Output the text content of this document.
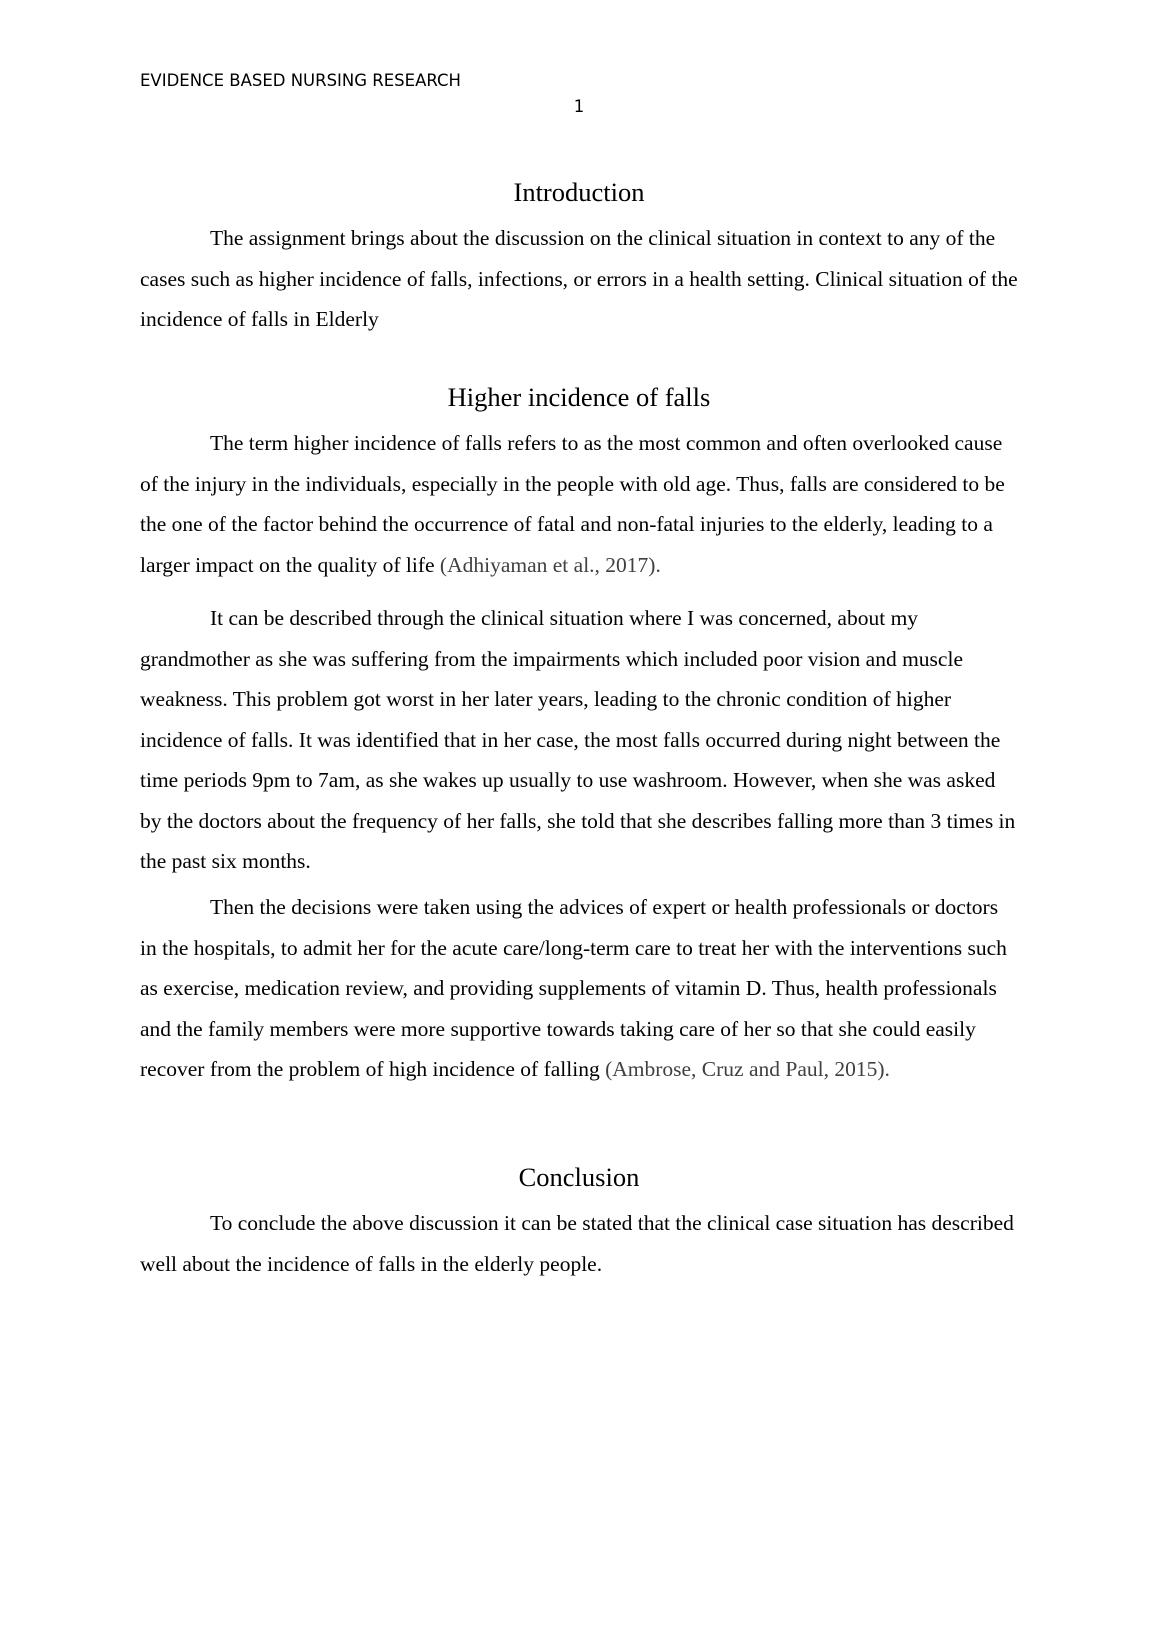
EVIDENCE BASED NURSING RESEARCH
1
Introduction

The assignment brings about the discussion on the clinical situation in context to any of the cases such as higher incidence of falls, infections, or errors in a health setting. Clinical situation of the incidence of falls in Elderly

Higher incidence of falls

The term higher incidence of falls refers to as the most common and often overlooked cause of the injury in the individuals, especially in the people with old age. Thus, falls are considered to be the one of the factor behind the occurrence of fatal and non-fatal injuries to the elderly, leading to a larger impact on the quality of life (Adhiyaman et al., 2017).

It can be described through the clinical situation where I was concerned, about my grandmother as she was suffering from the impairments which included poor vision and muscle weakness. This problem got worst in her later years, leading to the chronic condition of higher incidence of falls. It was identified that in her case, the most falls occurred during night between the time periods 9pm to 7am, as she wakes up usually to use washroom. However, when she was asked by the doctors about the frequency of her falls, she told that she describes falling more than 3 times in the past six months.

Then the decisions were taken using the advices of expert or health professionals or doctors in the hospitals, to admit her for the acute care/long-term care to treat her with the interventions such as exercise, medication review, and providing supplements of vitamin D. Thus, health professionals and the family members were more supportive towards taking care of her so that she could easily recover from the problem of high incidence of falling (Ambrose, Cruz and Paul, 2015).

Conclusion

To conclude the above discussion it can be stated that the clinical case situation has described well about the incidence of falls in the elderly people.
